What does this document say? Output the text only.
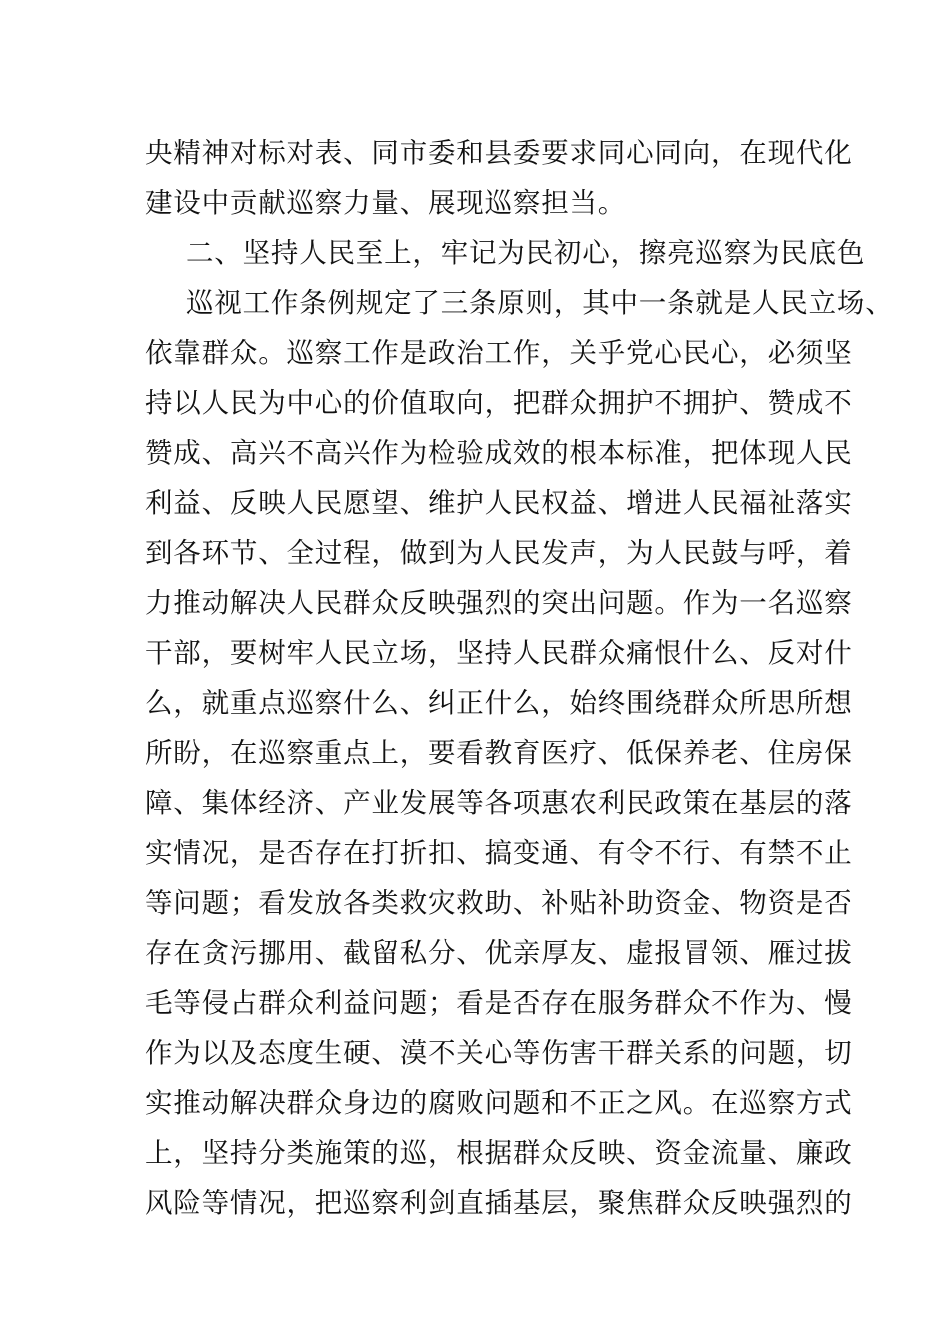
央精神对标对表、同市委和县委要求同心同向，在现代化
建设中贡献巡察力量、展现巡察担当。
二、坚持人民至上，牢记为民初心，擦亮巡察为民底色
巡视工作条例规定了三条原则，其中一条就是人民立场、
依靠群众。巡察工作是政治工作，关乎党心民心，必须坚
持以人民为中心的价值取向，把群众拥护不拥护、赞成不
赞成、高兴不高兴作为检验成效的根本标准，把体现人民
利益、反映人民愿望、维护人民权益、增进人民福祉落实
到各环节、全过程，做到为人民发声，为人民鼓与呼，着
力推动解决人民群众反映强烈的突出问题。作为一名巡察
干部，要树牢人民立场，坚持人民群众痛恨什么、反对什
么，就重点巡察什么、纠正什么，始终围绕群众所思所想
所盼，在巡察重点上，要看教育医疗、低保养老、住房保
障、集体经济、产业发展等各项惠农利民政策在基层的落
实情况，是否存在打折扣、搞变通、有令不行、有禁不止
等问题；看发放各类救灾救助、补贴补助资金、物资是否
存在贪污挪用、截留私分、优亲厚友、虚报冒领、雁过拔
毛等侵占群众利益问题；看是否存在服务群众不作为、慢
作为以及态度生硬、漠不关心等伤害干群关系的问题，切
实推动解决群众身边的腐败问题和不正之风。在巡察方式
上，坚持分类施策的巡，根据群众反映、资金流量、廉政
风险等情况，把巡察利剑直插基层，聚焦群众反映强烈的
